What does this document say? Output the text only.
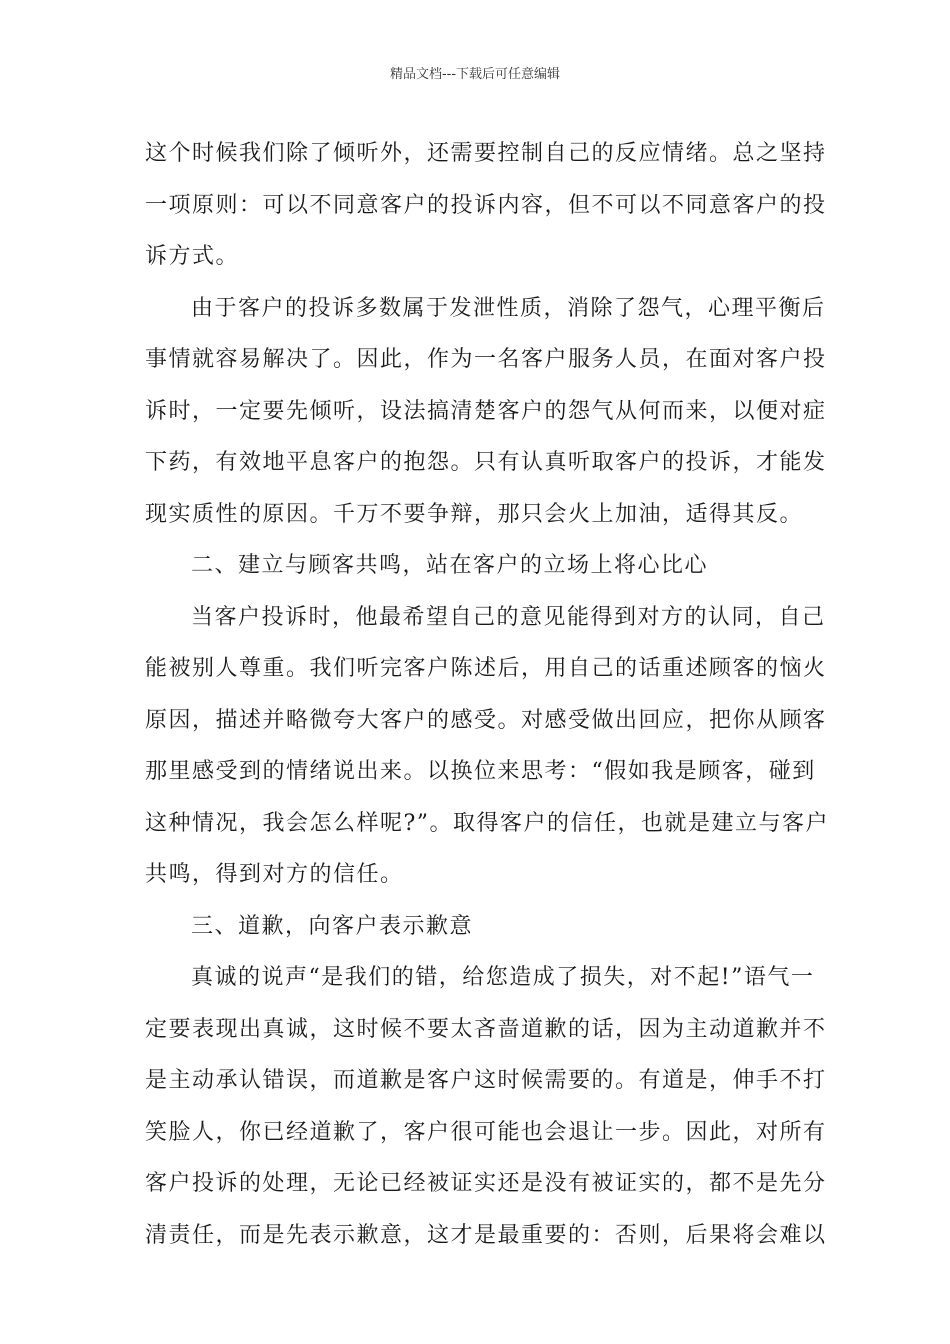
精品文档---下载后可任意编辑

这个时候我们除了倾听外，还需要控制自己的反应情绪。总之坚持
一项原则：可以不同意客户的投诉内容，但不可以不同意客户的投
诉方式。

由于客户的投诉多数属于发泄性质，消除了怨气，心理平衡后
事情就容易解决了。因此，作为一名客户服务人员，在面对客户投
诉时，一定要先倾听，设法搞清楚客户的怨气从何而来，以便对症
下药，有效地平息客户的抱怨。只有认真听取客户的投诉，才能发
现实质性的原因。千万不要争辩，那只会火上加油，适得其反。

二、建立与顾客共鸣，站在客户的立场上将心比心

当客户投诉时，他最希望自己的意见能得到对方的认同，自己
能被别人尊重。我们听完客户陈述后，用自己的话重述顾客的恼火
原因，描述并略微夸大客户的感受。对感受做出回应，把你从顾客
那里感受到的情绪说出来。以换位来思考：“假如我是顾客，碰到
这种情况，我会怎么样呢?”。取得客户的信任，也就是建立与客户
共鸣，得到对方的信任。

三、道歉，向客户表示歉意

真诚的说声“是我们的错，给您造成了损失，对不起!”语气一
定要表现出真诚，这时候不要太吝啬道歉的话，因为主动道歉并不
是主动承认错误，而道歉是客户这时候需要的。有道是，伸手不打
笑脸人，你已经道歉了，客户很可能也会退让一步。因此，对所有
客户投诉的处理，无论已经被证实还是没有被证实的，都不是先分
清责任，而是先表示歉意，这才是最重要的：否则，后果将会难以
